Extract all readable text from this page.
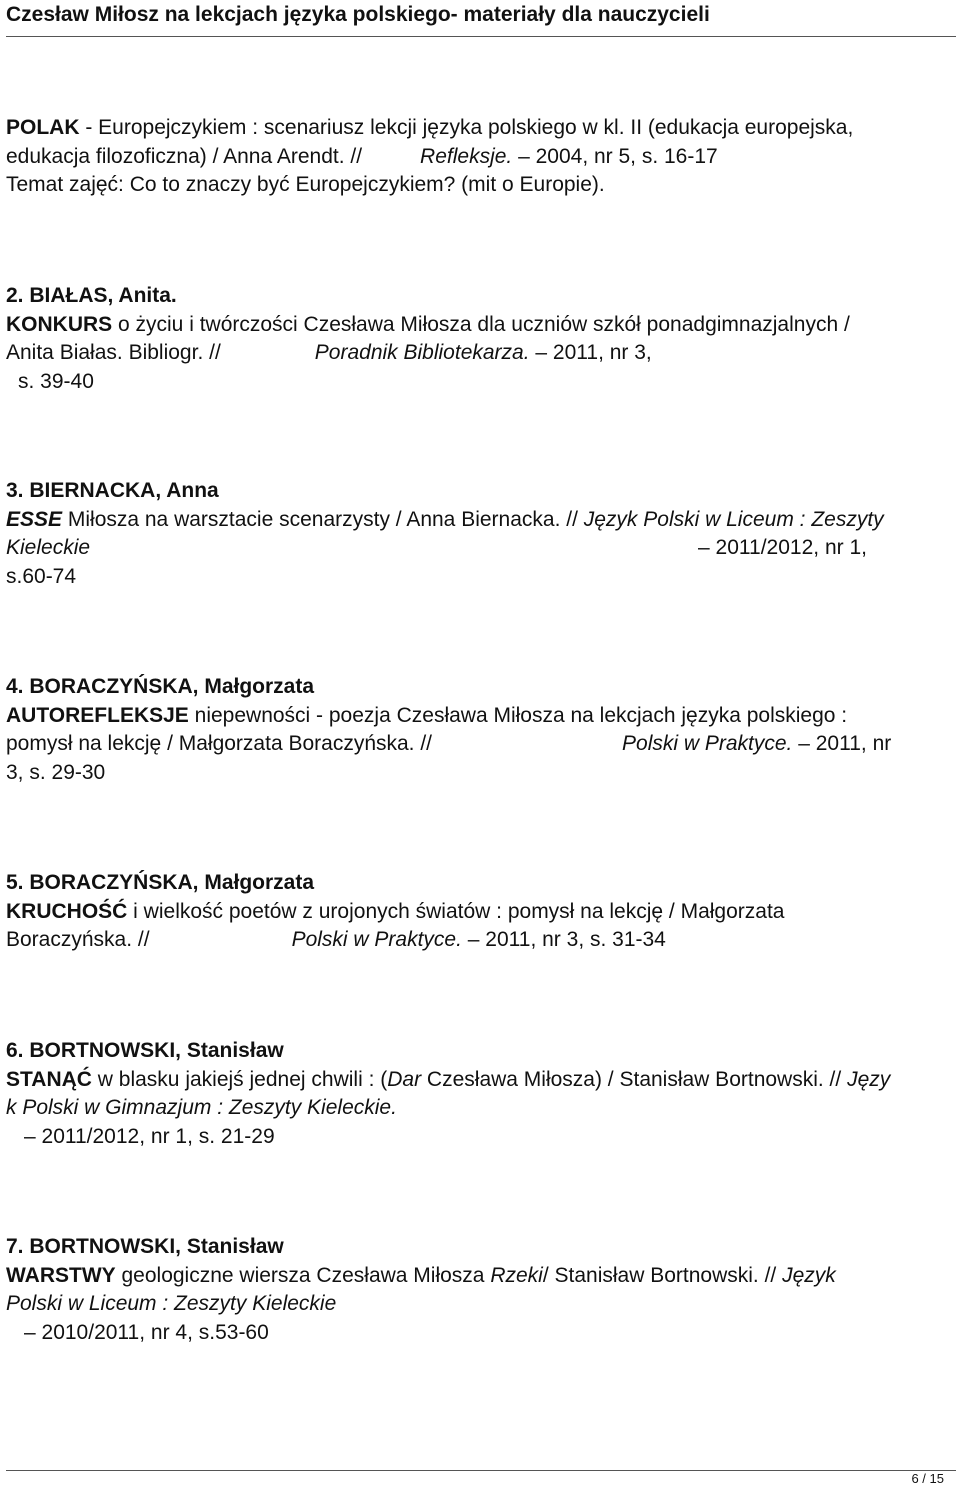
Czesław Miłosz na lekcjach języka polskiego- materiały dla nauczycieli
POLAK - Europejczykiem : scenariusz lekcji języka polskiego w kl. II (edukacja europejska,
edukacja filozoficzna) / Anna Arendt. //	Refleksje. – 2004, nr 5, s. 16-17
Temat zajęć: Co to znaczy być Europejczykiem? (mit o Europie).
2. BIAŁAS, Anita.
KONKURS o życiu i twórczości Czesława Miłosza dla uczniów szkół ponadgimnazjalnych /
Anita Białas. Bibliogr. //	Poradnik Bibliotekarza. – 2011, nr 3,
s. 39-40
3. BIERNACKA, Anna
ESSE Miłosza na warsztacie scenarzysty / Anna Biernacka. // Język Polski w Liceum : Zeszyty
Kieleckie	– 2011/2012, nr 1,
s.60-74
4. BORACZYŃSKA, Małgorzata
AUTOREFLEKSJE niepewności - poezja Czesława Miłosza na lekcjach języka polskiego :
pomysł na lekcję / Małgorzata Boraczyńska. //	Polski w Praktyce. – 2011, nr
3, s. 29-30
5. BORACZYŃSKA, Małgorzata
KRUCHOŚĆ i wielkość poetów z urojonych światów : pomysł na lekcję / Małgorzata
Boraczyńska. //	Polski w Praktyce. – 2011, nr 3, s. 31-34
6. BORTNOWSKI, Stanisław
STANĄĆ w blasku jakiejś jednej chwili : (Dar Czesława Miłosza) / Stanisław Bortnowski. // Języ
k Polski w Gimnazjum : Zeszyty Kieleckie.
– 2011/2012, nr 1, s. 21-29
7. BORTNOWSKI, Stanisław
WARSTWY geologiczne wiersza Czesława Miłosza Rzeki/ Stanisław Bortnowski. // Język
Polski w Liceum : Zeszyty Kieleckie
– 2010/2011, nr 4, s.53-60
6 / 15
